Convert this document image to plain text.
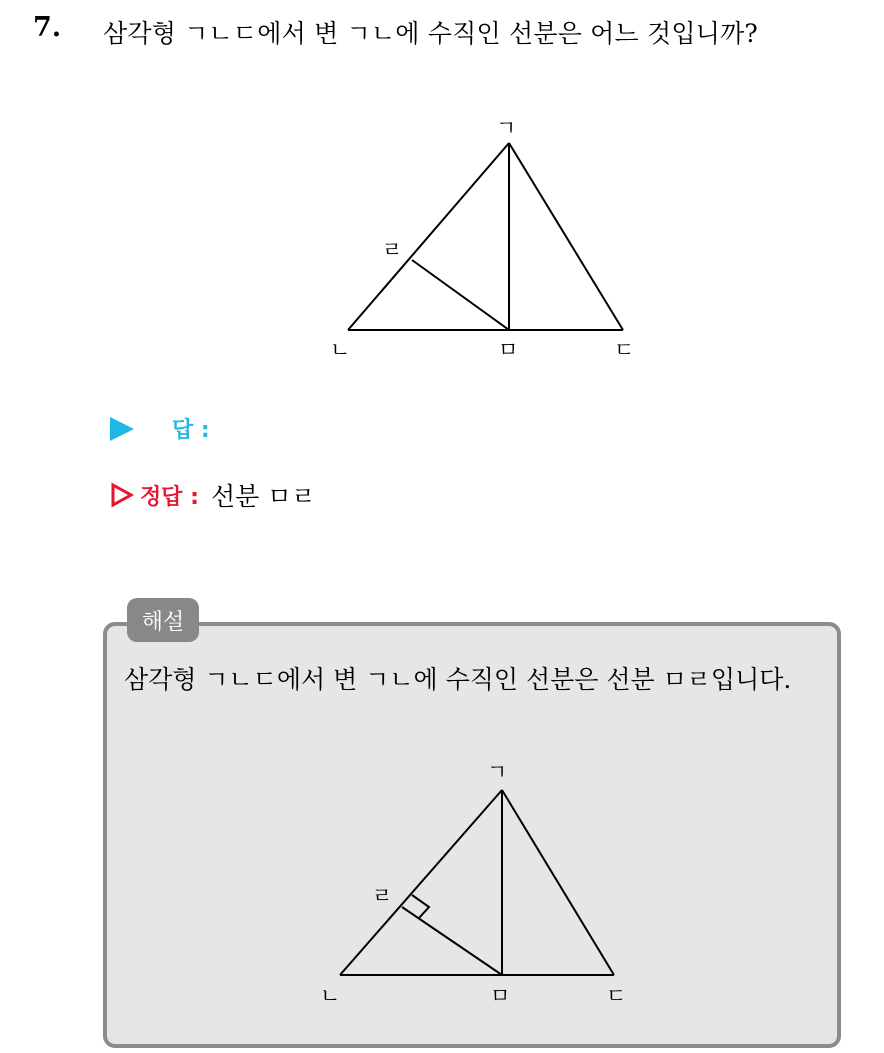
7. 삼각형 ㄱㄴㄷ에서 변 ㄱㄴ에 수직인 선분은 어느 것입니까?
ㄱ
ㄹ
ㄴ	ㅁ	ㄷ
답 :
정답 : 선분 ㅁㄹ
해설
삼각형 ㄱㄴㄷ에서 변 ㄱㄴ에 수직인 선분은 선분 ㅁㄹ입니다.
ㄱ
ㄹ
ㄴ	ㅁ	ㄷ
